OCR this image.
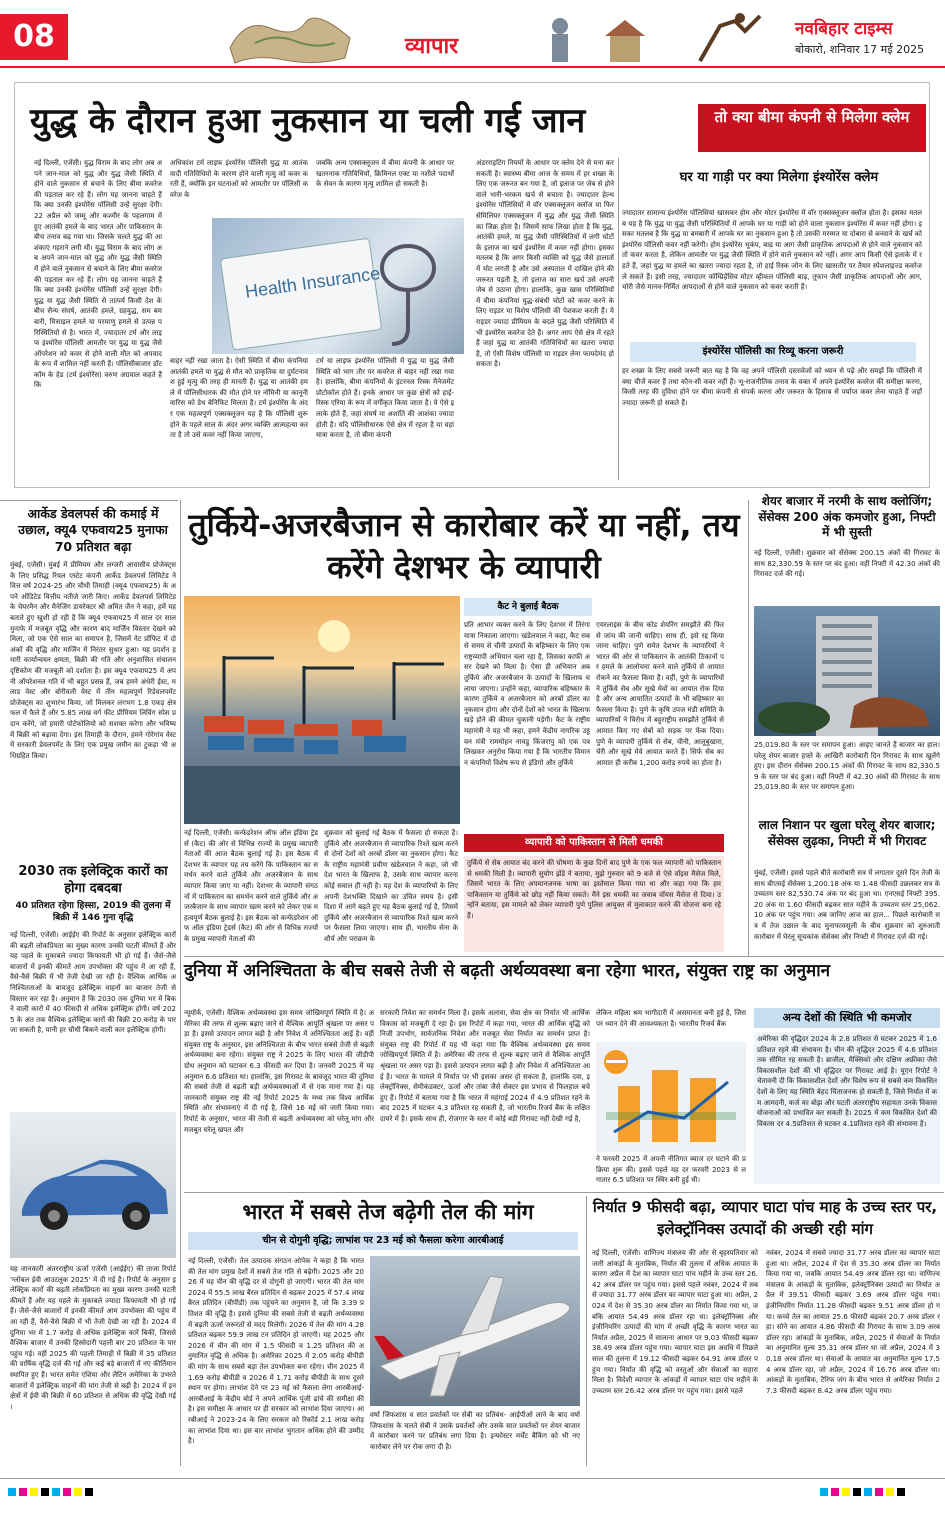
08	व्यापार
नवबिहार टाइम्स
बोकारो, शनिवार 17 मई 2025
युद्ध के दौरान हुआ नुकसान या चली गई जान	तो क्या बीमा कंपनी से मिलेगा क्लेम
नई दिल्ली, एजेंसी। युद्ध विराम के बाद लोग अब अपने जान-माल को युद्ध और युद्ध जैसी स्थिति में होने वाले नुकसान से बचाने के लिए बीमा कवरेज की पड़ताल कर रहे हैं। लोग यह जानना चाहते हैं कि क्या उनकी इंश्योरेंस पॉलिसी उन्हें सुरक्षा देगी। 22 अप्रैल को जम्मू और कश्मीर के पहलगाम में हुए आतंकी हमले के बाद भारत और पाकिस्तान के बीच तनाव बढ़ गया था। जिसके चलते युद्ध की आशंकाएं गहराने लगी थीं। युद्ध विराम के बाद लोग अब अपने जान-माल को युद्ध और युद्ध जैसी स्थिति में होने वाले नुकसान से बचाने के लिए बीमा कवरेज की पड़ताल कर रहे हैं। लोग यह जानना चाहते हैं कि क्या उनकी इंश्योरेंस पॉलिसी उन्हें सुरक्षा देगी। युद्ध या युद्ध जैसी स्थिति से तात्पर्य किसी देश के बीच सैन्य संघर्ष, आतंकी हमले, ग्रहयुद्ध, सम बमबारी, मिसाइल हमले या परमाणु हमले से उत्पन्न परिस्थितियों से है। भारत में, ज्यादातर टर्म और लाइफ इंश्योरेंस पॉलिसी आमतौर पर युद्ध या युद्ध जैसे ऑपरेशन को कवर से होने वाली मौत को अपवाद के रूप में शामिल नहीं करती हैं। पॉलिसीबाजार डॉट कॉम के हेड (टर्म इंश्योरेंस) वरुण अग्रवाल कहते हैं कि
अधिकांश टर्म लाइफ इंश्योरेंस पॉलिसी युद्ध या आतंकवादी गतिविधियों के कारण होने वाली मृत्यु को कवर करती हैं, क्योंकि इन घटनाओं को आमतौर पर पॉलिसी कवरेज के
जबकि अन्य एक्सक्लूजन में बीमा कंपनी के आधार पर खतरनाक गतिविधियों, क्रिमिनल एक्ट या नशीले पदार्थों के सेवन के कारण मृत्यु शामिल हो सकती है।
Health Insurance
बाहर नहीं रखा जाता है। ऐसी स्थिति में बीमा कंपनियां आतंकी हमले या युद्ध से मौत को प्राकृतिक या दुर्घटनावश हुई मृत्यु की तरह ही मानती हैं। युद्ध या आतंकी हमले में पॉलिसीधारक की मौत होने पर नॉमिनी या कानूनी वारिस को डेथ बेनिफिट मिलता है। टर्म इंश्योरेंस के अंदर एक महत्वपूर्ण एक्सक्लूजन यह है कि पॉलिसी शुरू होने के पहले साल के अंदर अगर व्यक्ति आत्महत्या करता है तो उसे कवर नहीं किया जाएगा,
टर्म या लाइफ इंश्योरेंस पॉलिसी में युद्ध या युद्ध जैसी स्थिति को भाग तौर पर कवरेज से बाहर नहीं रखा गया है। हालांकि, बीमा कंपनियों के इंटरनल रिस्क मैनेजमेंट प्रोटोकॉल होते हैं। इनके आधार पर कुछ क्षेत्रों को हाई-रिस्क एरिया के रूप में वर्गीकृत किया जाता है। ये ऐसे इलाके होते हैं, जहां संघर्ष या अशांति की आशंका ज्यादा होती है। यदि पॉलिसीधारक ऐसे क्षेत्र में रहता है या वहां यात्रा करता है, तो बीमा कंपनी
अंडरराइटिंग नियमों के आधार पर क्लेम देने से मना कर सकती है। स्वास्थ्य बीमा आज के समय में हर शख्स के लिए एक जरूरत बन गया है, जो इलाज पर जेब से होने वाले भारी-भरकम खर्च से बचाता है। ज्यादातर हेल्थ इंश्योरेंस पॉलिसियों में वॉर एक्सक्लूजन क्लॉज या फिर सेमिलियर एक्सक्लूजन में युद्ध और युद्ध जैसी स्थिति का जिक्र होता है। जिसमें साफ लिखा होता है कि युद्ध, आतंकी हमले, या युद्ध जैसी परिस्थितियों में लगी चोटों के इलाज का खर्च इंश्योरेंस में कवर नहीं होगा। इसका मतलब है कि अगर किसी व्यक्ति को युद्ध जैसे हालातों में चोट लगती है और उसे अस्पताल में दाखिल होने की जरूरत पड़ती है, तो इलाज का सारा खर्च उसे अपनी जेब से उठाना होगा। हालांकि, कुछ खास परिस्थितियों में बीमा कंपनियां युद्ध-संबंधी चोटों को कवर करने के लिए राइडर या विशेष पॉलिसी की पेशकश करती हैं। ये राइडर ज्यादा प्रीमियम के बदले युद्ध जैसी परिस्थिति में भी इंश्योरेंस कवरेज देते हैं। अगर आप ऐसे क्षेत्र में रहते हैं जहां युद्ध या आतंकी गतिविधियों का खतरा ज्यादा है, तो ऐसी विशेष पॉलिसी या राइडर लेना फायदेमंद हो सकता है।
घर या गाड़ी पर क्या मिलेगा इंश्योरेंस क्लेम
ज्यादातर सामान्य इंश्योरेंस पॉलिसियां खासकर होम और मोटर इंश्योरेंस में वॉर एक्सक्लूजन क्लॉज होता है। इसका मतलब यह है कि युद्ध या युद्ध जैसी परिस्थितियों में आपके घर या गाड़ी को होने वाला नुकसान इंश्योरेंस में कवर नहीं होगा। इसका मतलब है कि युद्ध या बमबारी में आपके घर का नुकसान हुआ है तो उसकी मरम्मत या दोबारा से बनवाने के खर्च को इंश्योरेंस पॉलिसी कवर नहीं करेगी। होम इंश्योरेंस भूकंप, बाढ़ या आग जैसी प्राकृतिक आपदाओं से होने वाले नुकसान को तो कवर करता है, लेकिन आमतौर पर युद्ध जैसी स्थिति में होने वाले नुकसान को नहीं। अगर आप किसी ऐसे इलाके में रहते हैं, जहां युद्ध या हमले का खतरा ज्यादा रहता है, तो हाई रिस्क जोन के लिए खासतौर पर तैयार स्पेशलाइज्ड कवरेज ले सकते हैं। इसी तरह, ज्यादातर कॉम्प्रिहेंसिव मोटर व्हीकल पॉलिसी बाढ़, तूफान जैसी प्राकृतिक आपदाओं और आग, चोरी जैसे मानव-निर्मित आपदाओं से होने वाले नुकसान को कवर करती हैं।
इंश्योरेंस पॉलिसी का रिव्यू करना जरूरी
हर शख्स के लिए सबसे जरूरी बात यह है कि वह अपने पॉलिसी दस्तावेजों को ध्यान से पढ़ें और समझें कि पॉलिसी में क्या चीजें कवर हैं तथा कौन-सी कवर नहीं हैं। भू-राजनीतिक तनाव के वक्त में अपने इंश्योरेंस कवरेज की समीक्षा करना, किसी तरह की दुविधा होने पर बीमा कंपनी से संपर्क करना और जरूरत के हिसाब से पर्याप्त कवर लेना चाहते हैं जहाँ ज्यादा जरूरी हो सकते हैं।
आर्केड डेवलपर्स की कमाई में उछाल, क्यू4 एफवाय25 मुनाफा 70 प्रतिशत बढ़ा
मुंबई, एजेंसी। मुंबई में प्रीमियम और लग्जरी आवासीय प्रोजेक्ट्स के लिए प्रसिद्ध रियल एस्टेट कंपनी आर्केड डेवलपर्स लिमिटेड ने वित्त वर्ष 2024-25 और चौथी तिमाही (क्यू4 एफवाय25) के अपने ऑडिटेड वित्तीय नतीजे जारी किए। आर्केड डेवलपर्स लिमिटेड के चेयरमैन और मैनेजिंग डायरेक्टर श्री अमित जैन ने कहा, हमें यह बताते हुए खुशी हो रही है कि क्यू4 एफवाय25 में साल दर साल मुनाफे में मजबूत वृद्धि और कारण बाद मार्जिन विस्तार देखने को मिला, जो एक ऐसे साल का समापन है, जिसमें नेट प्रॉफिट में दो अंकों की वृद्धि और मार्जिन में निरंतर सुधार हुआ। यह प्रदर्शन हमारी कार्यान्वयन क्षमता, बिक्री की गति और अनुशासित संचालन दृष्टिकोण की मजबूती को दर्शाता है। इस क्यू4 एफवाय25 में अपनी ऑपरेशनल गति में भी बहुत प्रसन्न हैं, जब हमने अंधेरी ईस्ट, मलाड वेस्ट और बोरीवली वेस्ट में तीन महत्वपूर्ण रिडेवलपमेंट प्रोजेक्ट्स का शुभारंभ किया, जो मिलकर लगभग 1.8 एकड़ क्षेत्रफल में फैले हैं और 5.85 लाख वर्ग फीट प्रीमियम लिविंग स्पेस प्रदान करेंगे, जो हमारी पोर्टफोलियो को सशक्त करेगा और भविष्य में बिक्री को बढ़ावा देगा। इस तिमाही के दौरान, हमने गोरेगांव वेस्ट में सरकारी डेवलपमेंट के लिए एक प्रमुख जमीन का टुकड़ा भी अधिग्रहित किया।
2030 तक इलेक्ट्रिक कारों का होगा दबदबा
40 प्रतिशत रहेगा हिस्सा, 2019 की तुलना में बिक्री में 146 गुना वृद्धि
नई दिल्ली, एजेंसी। आईईए की रिपोर्ट के अनुसार इलेक्ट्रिक कारों की बढ़ती लोकप्रियता का मुख्य कारण उनकी घटती कीमतें हैं और यह पहले के मुकाबले ज्यादा किफायती भी हो गई हैं। जैसे-जैसे बाजारों में इनकी कीमतें आम उपभोक्ता की पहुंच में आ रही हैं, वैसे-वैसे बिक्री में भी तेजी देखी जा रही है। वैश्विक आर्थिक अनिश्चितताओं के बावजूद इलेक्ट्रिक वाहनों का बाजार तेजी से विस्तार कर रहा है। अनुमान है कि 2030 तक दुनिया भर में बिकने वाली कारों में 40 फीसदी से अधिक इलेक्ट्रिक होंगी। वर्ष 2025 के अंत तक वैश्विक इलेक्ट्रिक कारों की बिक्री 20 करोड़ के पार जा सकती है, यानी हर चौथी बिकने वाली कार इलेक्ट्रिक होगी।
यह जानकारी अंतरराष्ट्रीय ऊर्जा एजेंसी (आईईए) की ताजा रिपोर्ट 'ग्लोबल ईवी आउटलुक 2025' में दी गई है। रिपोर्ट के अनुसार इलेक्ट्रिक कारों की बढ़ती लोकप्रियता का मुख्य कारण उनकी घटती कीमतें हैं और यह पहले के मुकाबले ज्यादा किफायती भी हो गई हैं। जैसे-जैसे बाजारों में इनकी कीमतें आम उपभोक्ता की पहुंच में आ रही हैं, वैसे-वैसे बिक्री में भी तेजी देखी जा रही है। 2024 में दुनिया भर में 1.7 करोड़ से अधिक इलेक्ट्रिक कारें बिकीं, जिससे वैश्विक बाजार में उनकी हिस्सेदारी पहली बार 20 प्रतिशत के पार पहुंच गई। वहीं 2025 की पहली तिमाही में बिक्री में 35 प्रतिशत की वार्षिक वृद्धि दर्ज की गई और कई बड़े बाजारों में नए कीर्तिमान स्थापित हुए हैं। भारत समेत एशिया और लैटिन अमेरिका के उभरते बाजारों में इलेक्ट्रिक वाहनों की मांग तेजी से बढ़ी है। 2024 में इन क्षेत्रों में ईवी की बिक्री में 60 प्रतिशत से अधिक की वृद्धि देखी गई।
तुर्किये-अजरबैजान से कारोबार करें या नहीं, तय करेंगे देशभर के व्यापारी
कैट ने बुलाई बैठक
प्रति आभार व्यक्त करने के लिए देशभर में तिरंगा यात्रा निकाला जाएगा। खंडेलवाल ने कहा, कैट सबसे समय से चीनी उत्पादों के बहिष्कार के लिए एक राष्ट्रव्यापी अभियान चला रहा है, जिसका काफी असर देखने को मिला है। ऐसा ही अभियान अब तुर्किये और अजरबैजान के उत्पादों के खिलाफ चलाया जाएगा। उन्होंने कहा, व्यापारिक बहिष्कार के कारण तुर्किये व अजरबैजान को अरबों डॉलर का नुकसान होगा और दोनों देशों को भारत के खिलाफ खड़े होने की कीमत चुकानी पड़ेगी। कैट के राष्ट्रीय महामंत्री ने यह भी कहा, हमने केंद्रीय नागरिक उड्डयन मंत्री राममोहन नायडू किंजरापु को एक पत्र लिखकर अनुरोध किया गया है कि भारतीय विमानन कंपनियों विशेष रूप से इंडिगो और तुर्किये
एयरलाइंस के बीच कोड शेयरिंग समझौते की फिर से जांच की जानी चाहिए। साथ ही, इसे रद्द किया जाना चाहिए। पुणे समेत देशभर के व्यापारियों ने भारत की ओर से पाकिस्तान के आतंकी ठिकानों पर हमले के आलोचना करने वाले तुर्किये से आयात रोकने का फैसला किया है। वहीं, पुणे के व्यापारियों ने तुर्किये सेब और सूखे मेवों का आयात रोक दिया है और अन्य आयातित उत्पादों के भी बहिष्कार का फैसला किया है। पुणे के कृषि उपज मंडी समिति के व्यापारियों ने विरोध में बहुराष्ट्रीय समझौते तुर्किये से आयात किए गए सेबों को सड़क पर फेंक दिया। पुणे के व्यापारी तुर्किये से सेब, चीनी, आलूबुखारा, चेरी और सूखे मेवे आयात करते हैं। सिर्फ सेब का आयात ही करीब 1,200 करोड़ रुपये का होता है।
नई दिल्ली, एजेंसी। कन्फेडरेशन ऑफ ऑल इंडिया ट्रेडर्स (कैट) की ओर से विभिन्न राज्यों के प्रमुख व्यापारी नेताओं की आज बैठक बुलाई गई है। इस बैठक में देशभर के व्यापार यह तय करेंगे कि पाकिस्तान का समर्थन करने वाले तुर्किये और अजरबैजान के साथ व्यापार किया जाए या नहीं। देशभर के व्यापारी संगठनों में पाकिस्तान का समर्थन करने वाले तुर्किये और अजरबैजान के साथ व्यापार खत्म करने को लेकर एक महत्वपूर्ण बैठक बुलाई है। इस बैठक को कन्फेडरेशन ऑफ ऑल इंडिया ट्रेडर्स (कैट) की ओर से विभिन्न राज्यों के प्रमुख व्यापारी नेताओं की
शुक्रवार को बुलाई गई बैठक में फैसला हो सकता है। तुर्किये और अजरबैजान से व्यापारिक रिश्ते खत्म करने से दोनों देशों को अरबों डॉलर का नुकसान होगा। कैट के राष्ट्रीय महामंत्री प्रवीण खंडेलवाल ने कहा, जो भी देश भारत के खिलाफ है, उसके साथ व्यापार करना कोई सवाल ही नहीं है। यह देश के व्यापारियों के लिए अपनी देशभक्ति दिखाने का उचित समय है। इसी दिशा में आगे बढ़ते हुए यह बैठक बुलाई गई है, जिसमें तुर्किये और अजरबैजान से व्यापारिक रिश्ते खत्म करने पर फैसला लिया जाएगा। साथ ही, भारतीय सेना के शौर्य और पराक्रम के
व्यापारी को पाकिस्तान से मिली धमकी
तुर्किये से सेब आयात बंद करने की घोषणा के कुछ दिनों बाद पुणे के एक फल व्यापारी को पाकिस्तान से धमकी मिली है। व्यापारी सुयोग झेंडे ने बताया, मुझे गुरुवार को 9 बजे से ऐसे वॉइस मैसेज मिले, जिसमें भारत के लिए अपमानजनक भाषा का इस्तेमाल किया गया था और कहा गया कि हम पाकिस्तान या तुर्किये को छोड़ नहीं किया सकते। मैंने इस धमकी का जवाब वॉयस मैसेज से दिया। उन्होंने बताया, इस मामले को लेकर व्यापारी पुणे पुलिस आयुक्त से मुलाकात करने की योजना बना रहे हैं।
शेयर बाजार में नरमी के साथ क्लोजिंग; सेंसेक्स 200 अंक कमजोर हुआ, निफ्टी में भी सुस्ती
नई दिल्ली, एजेंसी। शुक्रवार को सेंसेक्स 200.15 अंकों की गिरावट के साथ 82,330.59 के स्तर पर बंद हुआ। वहीं निफ्टी में 42.30 अंकों की गिरावट दर्ज की गई।
25,019.80 के स्तर पर समापन हुआ। आइए जानते हैं बाजार का हाल। घरेलू शेयर बाजार हफ्ते के आखिरी कारोबारी दिन गिरावट के साथ खुलेंगे हुए। इस दौरान सेंसेक्स 200.15 अंकों की गिरावट के साथ 82,330.59 के स्तर पर बंद हुआ। वहीं निफ्टी में 42.30 अंकों की गिरावट के साथ 25,019.80 के स्तर पर समापन हुआ।
लाल निशान पर खुला घरेलू शेयर बाजार; सेंसेक्स लुढ़का, निफ्टी में भी गिरावट
मुंबई, एजेंसी। इससे पहले बीते कारोबारी सत्र में लगातार दूसरे दिन तेजी के साथ बीएसई सेंसेक्स 1,200.18 अंक या 1.48 फीसदी उछलकर सत्र के उच्चतम स्तर 82,530.74 अंक पर बंद हुआ था। एनएसई निफ्टी 395.20 अंक या 1.60 फीसदी बढ़कर सात महीने के उच्चतम स्तर 25,062.10 अंक पर पहुंच गया। अब जानिए आज का हाल... पिछले कारोबारी सत्र में तेज उछाल के बाद मुनाफावसूली के बीच शुक्रवार को शुरुआती कारोबार में घेरलू सूचकांक सेंसेक्स और निफ्टी में गिरावट दर्ज की गई।
दुनिया में अनिश्चितता के बीच सबसे तेजी से बढ़ती अर्थव्यवस्था बना रहेगा भारत, संयुक्त राष्ट्र का अनुमान
न्यूयॉर्क, एजेंसी। वैश्विक अर्थव्यवस्था इस समय जोखिमपूर्ण स्थिति में है। अमेरिका की तरफ से शुल्क बढ़ाए जाने से वैश्विक आपूर्ति श्रृंखला पर असर पड़ा है। इससे उत्पादन लागत बढ़ी है और निवेश में अनिश्चितता आई है। वहीं संयुक्त राष्ट्र के अनुसार, इस अनिश्चितता के बीच भारत सबसे तेजी से बढ़ती अर्थव्यवस्था बना रहेगा। संयुक्त राष्ट्र ने 2025 के लिए भारत की जीडीपी ग्रोथ अनुमान को घटाकर 6.3 फीसदी कर दिया है। जनवरी 2025 में यह अनुमान 6.6 प्रतिशत था। हालांकि, इस गिरावट के बावजूद भारत की दुनिया की सबसे तेजी से बढ़ती बड़ी अर्थव्यवस्थाओं में से एक माना गया है। यह जानकारी संयुक्त राष्ट्र की नई रिपोर्ट 2025 के मध्य तक विश्व आर्थिक स्थिति और संभावनाएं में दी गई है, जिसे 16 मई को जारी किया गया। रिपोर्ट के अनुसार, भारत की तेजी से बढ़ती अर्थव्यवस्था को घरेलू मांग और मजबूत घरेलू खपत और
सरकारी निवेश का समर्थन मिला है। इसके अलावा, सेवा क्षेत्र का निर्यात भी आर्थिक विकास को मजबूती दे रहा है। इस रिपोर्ट में कहा गया, भारत की आर्थिक वृद्धि को निजी उपभोग, सार्वजनिक निवेश और मजबूत सेवा निर्यात का समर्थन प्राप्त है। संयुक्त राष्ट्र की रिपोर्ट में यह भी कहा गया कि वैश्विक अर्थव्यवस्था इस समय जोखिमपूर्ण स्थिति में है। अमेरिका की तरफ से शुल्क बढ़ाए जाने से वैश्विक आपूर्ति श्रृंखला पर असर पड़ा है। इससे उत्पादन लागत बढ़ी है और निवेश में अनिश्चितता आई है। भारत के मामले में निर्यात पर भी इसका असर हो सकता है, हालांकि दवा, इलेक्ट्रॉनिक्स, सेमीकंडक्टर, ऊर्जा और तांबा जैसे सेक्टर इस प्रभाव से फिलहाल बचे हुए हैं। रिपोर्ट में बताया गया है कि भारत में महंगाई 2024 में 4.9 प्रतिशत रहने के बाद 2025 में घटकर 4.3 प्रतिशत रह सकती है, जो भारतीय रिजर्व बैंक के लक्षित दायरे में है। इसके साथ ही, रोजगार के स्तर में कोई बड़ी गिरावट नहीं देखी गई है,
लेकिन महिला श्रम भागीदारी में असमानता बनी हुई है, जिस पर ध्यान देने की आवश्यकता है। भारतीय रिजर्व बैंक
ने फरवरी 2025 में अपनी नीतिगत ब्याज दर घटाने की प्रक्रिया शुरू की। इससे पहले यह दर फरवरी 2023 से लगातार 6.5 प्रतिशत पर स्थिर बनी हुई थी।
अन्य देशों की स्थिति भी कमजोर
अमेरिका की वृद्धिदर 2024 के 2.8 प्रतिशत से घटकर 2025 में 1.6 प्रतिशत रहने की संभावना है। चीन की वृद्धिदर 2025 में 4.6 प्रतिशत तक सीमित रह सकती है। ब्राजील, मैक्सिको और दक्षिण अफ्रीका जैसे विकासशील देशों की भी वृद्धिदर पर गिरावट आई है। यूएन रिपोर्ट ने चेतावनी दी कि विकासशील देशों और विशेष रूप से सबसे कम विकसित देशों के लिए यह स्थिति बेहद चिंताजनक हो सकती है, जिसे निर्यात में कम आमदनी, कर्ज का बोझ और घटती अंतरराष्ट्रीय सहायता उनके विकास योजनाओं को प्रभावित कर सकती है। 2025 में कम विकसित देशों की विकास दर 4.5प्रतिशत से घटकर 4.1प्रतिशत रहने की संभावना है।
भारत में सबसे तेज बढ़ेगी तेल की मांग
चीन से दोगुनी वृद्धि; लाभांश पर 23 मई को फैसला करेगा आरबीआई
नई दिल्ली, एजेंसी। तेल उत्पादक संगठन ओपेक ने कहा है कि भारत की तेल मांग प्रमुख देशों में सबसे तेज गति से बढ़ेगी। 2025 और 2026 में यह चीन की वृद्धि दर से दोगुनी हो जाएगी। भारत की तेल मांग 2024 में 55.5 लाख बैरल प्रतिदिन से बढ़कर 2025 में 57.4 लाख बैरल प्रतिदिन (बीपीडी) तक पहुंचने का अनुमान है, जो कि 3.39 प्रतिशत की वृद्धि है। इससे दुनिया की सबसे तेजी से बढ़ती अर्थव्यवस्था में बढ़ती ऊर्जा जरूरतों से मदद मिलेगी। 2026 में तेल की मांग 4.28 प्रतिशत बढ़कर 59.9 लाख टन प्रतिदिन हो जाएगी। यह 2025 और 2026 में चीन की मांग में 1.5 फीसदी व 1.25 प्रतिशत की अनुमानित वृद्धि से अधिक है। अमेरिका 2025 में 2.05 करोड़ बीपीडी की मांग के साथ सबसे बड़ा तेल उपभोक्ता बना रहेगा। चीन 2025 में 1.69 करोड़ बीपीडी व 2026 में 1.71 करोड़ बीपीडी के साथ दूसरे स्थान पर होगा। लाभांश देने पर 23 मई को फैसला लेगा आरबीआई- आरबीआई के केंद्रीय बोर्ड ने अपने आर्थिक पूंजी ढांचे की समीक्षा की है। इस समीक्षा के आधार पर ही सरकार को लाभांश दिया जाएगा। आरबीआई ने 2023-24 के लिए सरकार को रिकॉर्ड 2.1 लाख करोड़ का लाभांश दिया था। इस बार लाभांश भुगतान अधिक होने की उम्मीद है।
वर्षा जिफशांस व सात प्रवर्तकों पर सेबी का प्रतिबंध- आईपीओ लाने के बाद वर्षा जिफशांस के चलते सेबी ने उसके प्रवर्तकों और उसके सात प्रवर्तकों पर शेयर बाजार में कारोबार करने पर प्रतिबंध लगा दिया है। इन्फोस्टर मर्चेंट बैंकिंग को भी नए कारोबार लेने पर रोक लगा दी है।
निर्यात 9 फीसदी बढ़ा, व्यापार घाटा पांच माह के उच्च स्तर पर, इलेक्ट्रॉनिक्स उत्पादों की अच्छी रही मांग
नई दिल्ली, एजेंसी। वाणिज्य मंत्रालय की ओर से बृहस्पतिवार को जारी आंकड़ों के मुताबिक, निर्यात की तुलना में अधिक आयात के कारण अप्रैल में देश का व्यापार घाटा पांच महीने के उच्च स्तर 26.42 अरब डॉलर पर पहुंच गया। इससे पहले नवंबर, 2024 में सबसे ज्यादा 31.77 अरब डॉलर का व्यापार घाटा हुआ था। अप्रैल, 2024 में देश से 35.30 अरब डॉलर का निर्यात किया गया था, जबकि आयात 54.49 अरब डॉलर रहा था। इलेक्ट्रॉनिक्स और इंजीनियरिंग उत्पादों की मांग में अच्छी वृद्धि के कारण भारत का निर्यात अप्रैल, 2025 में सालाना आधार पर 9.03 फीसदी बढ़कर 38.49 अरब डॉलर पहुंच गया। व्यापार घाटा इस अवधि में पिछले साल की तुलना में 19.12 फीसदी बढ़कर 64.91 अरब डॉलर पहुंच गया। निर्यात की वृद्धि को वस्तुओं और सेवाओं का सहारा मिला है। विदेशी व्यापार के आंकड़ों में व्यापार घाटा पांच महीने के उच्चतम स्तर 26.42 अरब डॉलर पर पहुंच गया। इससे पहले
नवंबर, 2024 में सबसे ज्यादा 31.77 अरब डॉलर का व्यापार घाटा हुआ था। अप्रैल, 2024 में देश से 35.30 अरब डॉलर का निर्यात किया गया था, जबकि आयात 54.49 अरब डॉलर रहा था। वाणिज्य मंत्रालय के आंकड़ों के मुताबिक, इलेक्ट्रॉनिक्स उत्पादों का निर्यात अप्रैल में 39.51 फीसदी बढ़कर 3.69 अरब डॉलर पहुंच गया। इंजीनियरिंग निर्यात 11.28 फीसदी बढ़कर 9.51 अरब डॉलर हो गया। कच्चे तेल का आयात 25.6 फीसदी बढ़कर 20.7 अरब डॉलर रहा। सोने का आयात 4.86 फीसदी की गिरावट के साथ 3.09 अरब डॉलर रहा। आंकड़ों के मुताबिक, अप्रैल, 2025 में सेवाओं के निर्यात का अनुमानित मूल्य 35.31 अरब डॉलर था जो अप्रैल, 2024 में 30.18 अरब डॉलर था। सेवाओं के आयात का अनुमानित मूल्य 17.54 अरब डॉलर रहा, जो अप्रैल, 2024 में 16.76 अरब डॉलर था। आंकड़ों के मुताबिक, टैरिफ जंग के बीच भारत से अमेरिका निर्यात 27.3 फीसदी बढ़कर 8.42 अरब डॉलर पहुंच गया।
